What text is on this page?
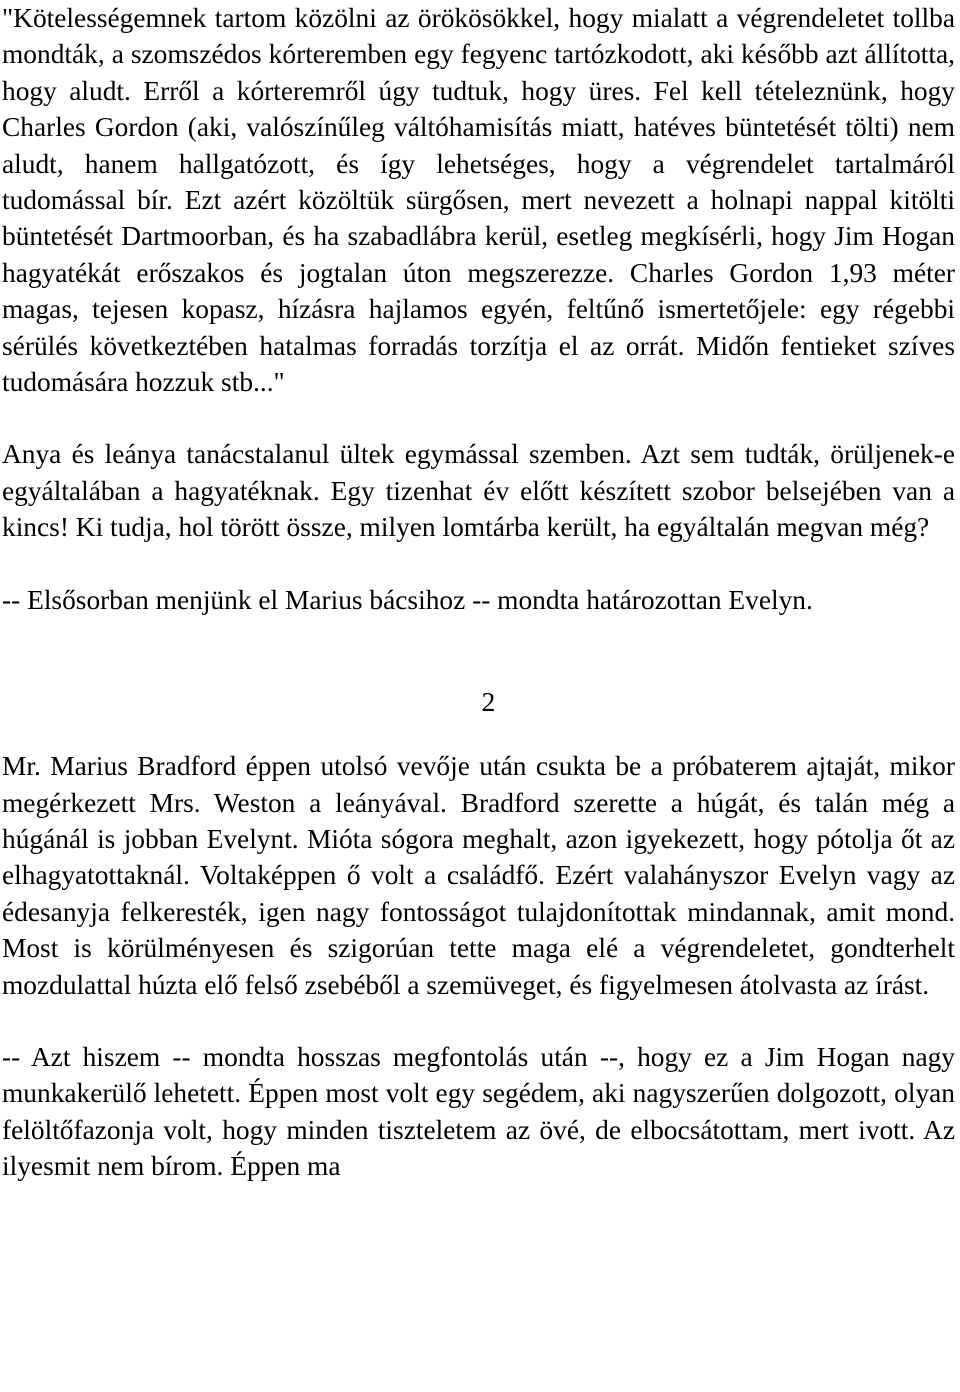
"Kötelességemnek tartom közölni az örökösökkel, hogy mialatt a végrendeletet tollba mondták, a szomszédos kórteremben egy fegyenc tartózkodott, aki később azt állította, hogy aludt. Erről a kórteremről úgy tudtuk, hogy üres. Fel kell tételeznünk, hogy Charles Gordon (aki, valószínűleg váltóhamisítás miatt, hatéves büntetését tölti) nem aludt, hanem hallgatózott, és így lehetséges, hogy a végrendelet tartalmáról tudomással bír. Ezt azért közöltük sürgősen, mert nevezett a holnapi nappal kitölti büntetését Dartmoorban, és ha szabadlábra kerül, esetleg megkísérli, hogy Jim Hogan hagyatékát erőszakos és jogtalan úton megszerezze. Charles Gordon 1,93 méter magas, tejesen kopasz, hízásra hajlamos egyén, feltűnő ismertetőjele: egy régebbi sérülés következtében hatalmas forradás torzítja el az orrát. Midőn fentieket szíves tudomására hozzuk stb..."

Anya és leánya tanácstalanul ültek egymással szemben. Azt sem tudták, örüljenek-e egyáltalában a hagyatéknak. Egy tizenhat év előtt készített szobor belsejében van a kincs! Ki tudja, hol törött össze, milyen lomtárba került, ha egyáltalán megvan még?

-- Elsősorban menjünk el Marius bácsihoz -- mondta határozottan Evelyn.

2

Mr. Marius Bradford éppen utolsó vevője után csukta be a próbaterem ajtaját, mikor megérkezett Mrs. Weston a leányával. Bradford szerette a húgát, és talán még a húgánál is jobban Evelynt. Mióta sógora meghalt, azon igyekezett, hogy pótolja őt az elhagyatottaknál. Voltaképpen ő volt a családfő. Ezért valahányszor Evelyn vagy az édesanyja felkeresték, igen nagy fontosságot tulajdonítottak mindannak, amit mond. Most is körülményesen és szigorúan tette maga elé a végrendeletet, gondterhelt mozdulattal húzta elő felső zsebéből a szemüveget, és figyelmesen átolvasta az írást.

-- Azt hiszem -- mondta hosszas megfontolás után --, hogy ez a Jim Hogan nagy munkakerülő lehetett. Éppen most volt egy segédem, aki nagyszerűen dolgozott, olyan felöltőfazonja volt, hogy minden tiszteletem az övé, de elbocsátottam, mert ivott. Az ilyesmit nem bírom. Éppen ma
